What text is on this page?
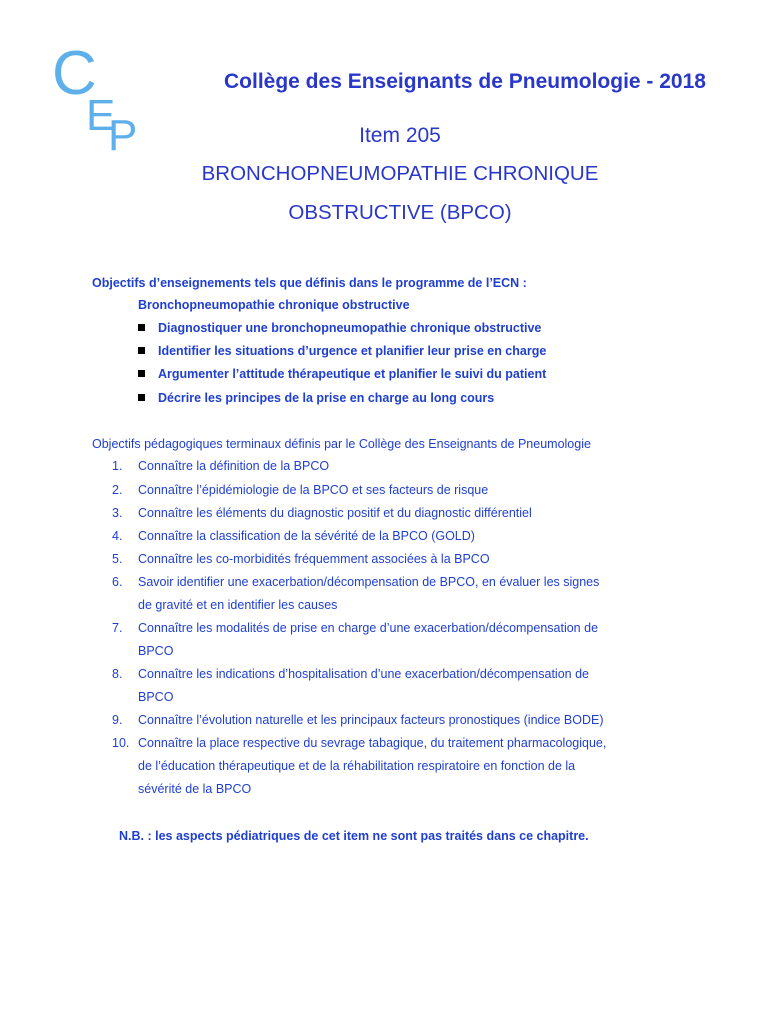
C
E
P
Collège des Enseignants de Pneumologie - 2018
Item 205
BRONCHOPNEUMOPATHIE CHRONIQUE
OBSTRUCTIVE (BPCO)
Objectifs d’enseignements tels que définis dans le programme de l’ECN :
Bronchopneumopathie chronique obstructive
Diagnostiquer une bronchopneumopathie chronique obstructive
Identifier les situations d’urgence et planifier leur prise en charge
Argumenter l’attitude thérapeutique et planifier le suivi du patient
Décrire les principes de la prise en charge au long cours
Objectifs pédagogiques terminaux définis par le Collège des Enseignants de Pneumologie
1. Connaître la définition de la BPCO
2. Connaître l’épidémiologie de la BPCO et ses facteurs de risque
3. Connaître les éléments du diagnostic positif et du diagnostic différentiel
4. Connaître la classification de la sévérité de la BPCO (GOLD)
5. Connaître les co-morbidités fréquemment associées à la BPCO
6. Savoir identifier une exacerbation/décompensation de BPCO, en évaluer les signes
de gravité et en identifier les causes
7. Connaître les modalités de prise en charge d’une exacerbation/décompensation de
BPCO
8. Connaître les indications d’hospitalisation d’une exacerbation/décompensation de
BPCO
9. Connaître l’évolution naturelle et les principaux facteurs pronostiques (indice BODE)
10. Connaître la place respective du sevrage tabagique, du traitement pharmacologique,
de l’éducation thérapeutique et de la réhabilitation respiratoire en fonction de la
sévérité de la BPCO
N.B. : les aspects pédiatriques de cet item ne sont pas traités dans ce chapitre.
